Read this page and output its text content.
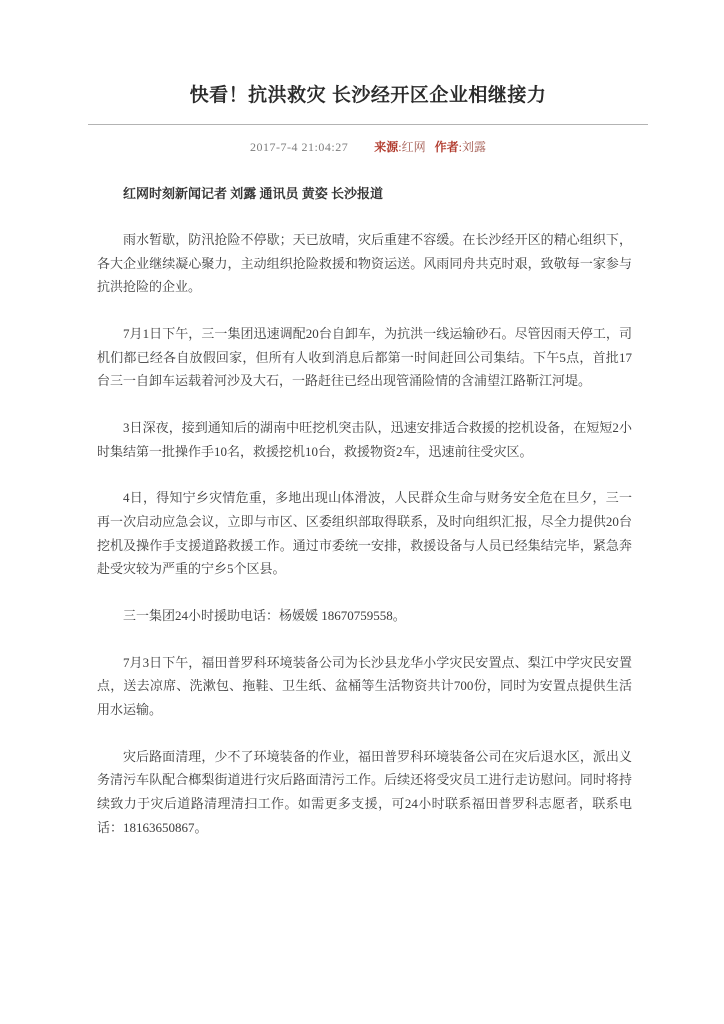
快看！抗洪救灾 长沙经开区企业相继接力
2017-7-4 21:04:27 来源:红网 作者:刘露

红网时刻新闻记者 刘露 通讯员 黄姿 长沙报道

雨水暂歇，防汛抢险不停歇；天已放晴，灾后重建不容缓。在长沙经开区的精心组织下，各大企业继续凝心聚力，主动组织抢险救援和物资运送。风雨同舟共克时艰，致敬每一家参与抗洪抢险的企业。

7月1日下午，三一集团迅速调配20台自卸车，为抗洪一线运输砂石。尽管因雨天停工，司机们都已经各自放假回家，但所有人收到消息后都第一时间赶回公司集结。下午5点，首批17台三一自卸车运载着河沙及大石，一路赶往已经出现管涌险情的含浦望江路靳江河堤。

3日深夜，接到通知后的湖南中旺挖机突击队，迅速安排适合救援的挖机设备，在短短2小时集结第一批操作手10名，救援挖机10台，救援物资2车，迅速前往受灾区。

4日，得知宁乡灾情危重，多地出现山体滑波，人民群众生命与财务安全危在旦夕，三一再一次启动应急会议，立即与市区、区委组织部取得联系，及时向组织汇报，尽全力提供20台挖机及操作手支援道路救援工作。通过市委统一安排，救援设备与人员已经集结完毕，紧急奔赴受灾较为严重的宁乡5个区县。

三一集团24小时援助电话：杨媛媛 18670759558。

7月3日下午，福田普罗科环境装备公司为长沙县龙华小学灾民安置点、梨江中学灾民安置点，送去凉席、洗漱包、拖鞋、卫生纸、盆桶等生活物资共计700份，同时为安置点提供生活用水运输。

灾后路面清理，少不了环境装备的作业，福田普罗科环境装备公司在灾后退水区，派出义务清污车队配合榔梨街道进行灾后路面清污工作。后续还将受灾员工进行走访慰问。同时将持续致力于灾后道路清理清扫工作。如需更多支援，可24小时联系福田普罗科志愿者，联系电话：18163650867。
